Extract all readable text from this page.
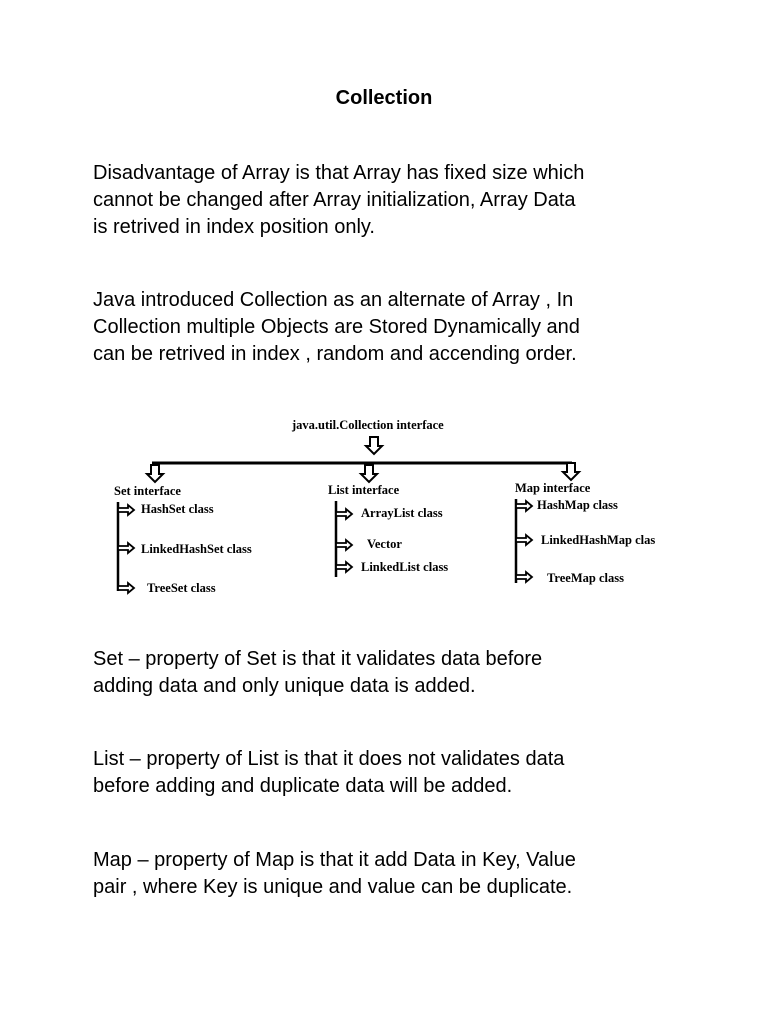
Collection

Disadvantage of Array is that Array has fixed size which
cannot be changed after Array initialization, Array Data
is retrived in index position only.

Java introduced Collection as an alternate of Array , In
Collection multiple Objects are Stored Dynamically and
can be retrived in index , random and accending order.

java.util.Collection interface
Set interface
HashSet class
LinkedHashSet class
TreeSet class
List interface
ArrayList class
Vector
LinkedList class
Map interface
HashMap class
LinkedHashMap clas
TreeMap class

Set – property of Set is that it validates data before
adding data and only unique data is added.

List – property of List is that it does not validates data
before adding and duplicate data will be added.

Map – property of Map is that it add Data in Key, Value
pair , where Key is unique and value can be duplicate.
